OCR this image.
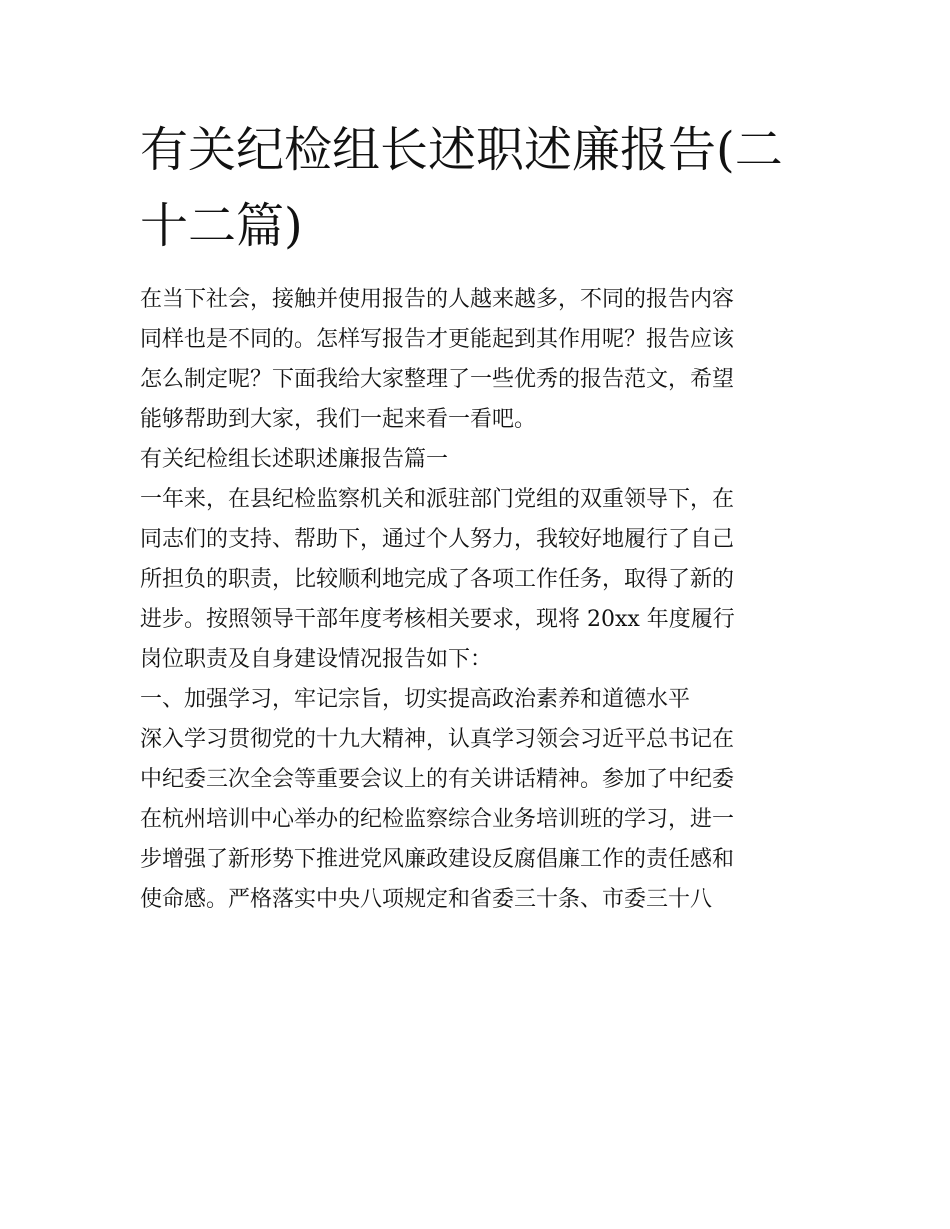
有关纪检组长述职述廉报告(二
十二篇)

在当下社会，接触并使用报告的人越来越多，不同的报告内容
同样也是不同的。怎样写报告才更能起到其作用呢？报告应该
怎么制定呢？下面我给大家整理了一些优秀的报告范文，希望
能够帮助到大家，我们一起来看一看吧。

有关纪检组长述职述廉报告篇一

一年来，在县纪检监察机关和派驻部门党组的双重领导下，在
同志们的支持、帮助下，通过个人努力，我较好地履行了自己
所担负的职责，比较顺利地完成了各项工作任务，取得了新的
进步。按照领导干部年度考核相关要求，现将 20xx 年度履行
岗位职责及自身建设情况报告如下：

一、加强学习，牢记宗旨，切实提高政治素养和道德水平

深入学习贯彻党的十九大精神，认真学习领会习近平总书记在
中纪委三次全会等重要会议上的有关讲话精神。参加了中纪委
在杭州培训中心举办的纪检监察综合业务培训班的学习，进一
步增强了新形势下推进党风廉政建设反腐倡廉工作的责任感和
使命感。严格落实中央八项规定和省委三十条、市委三十八
